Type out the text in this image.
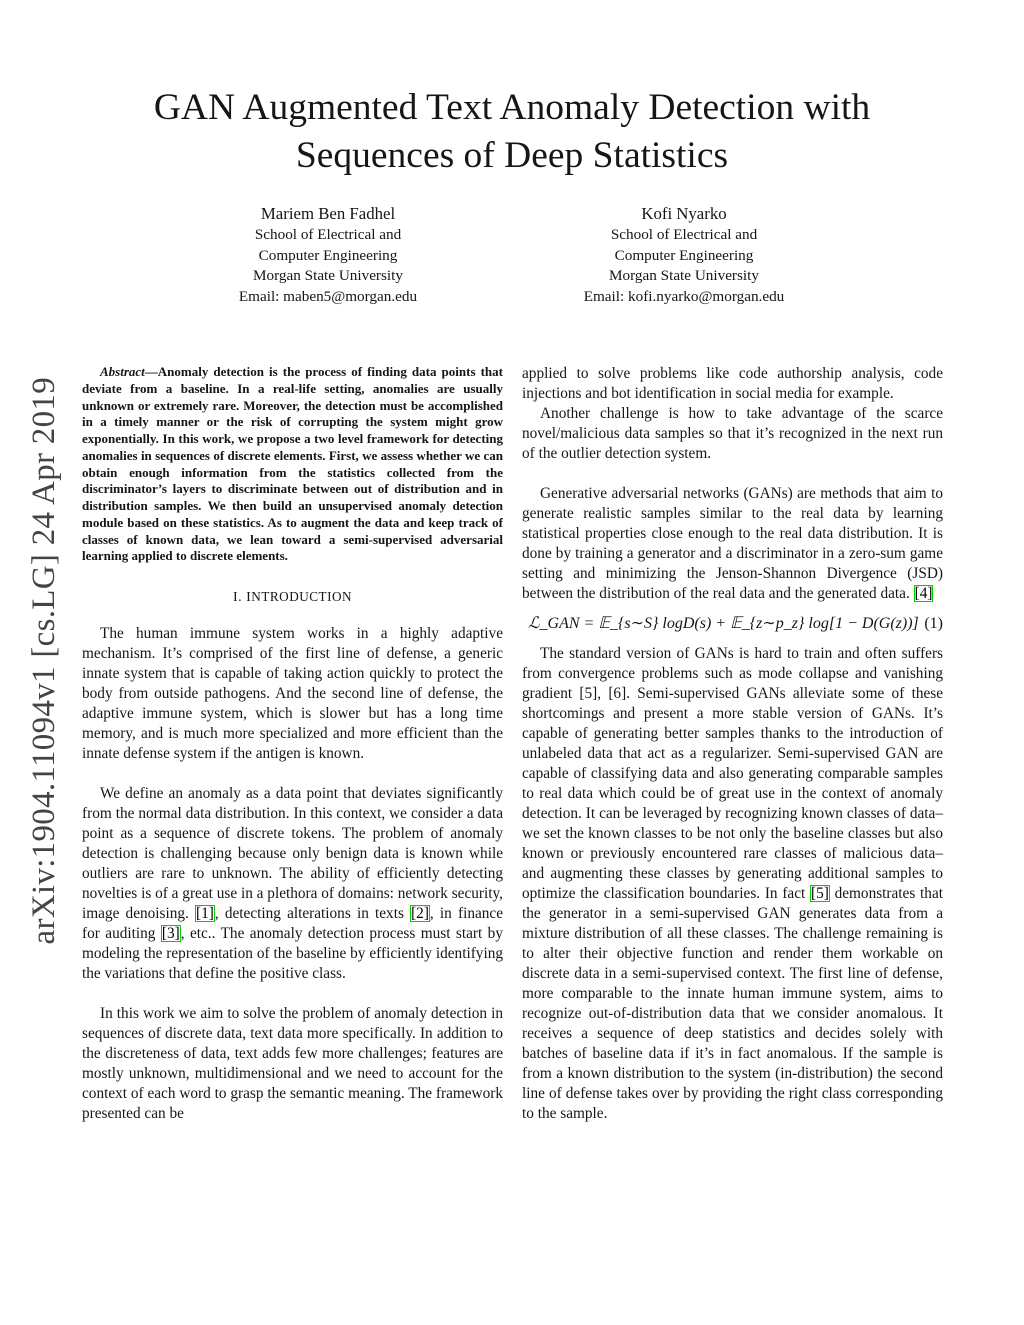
arXiv:1904.11094v1 [cs.LG] 24 Apr 2019
GAN Augmented Text Anomaly Detection with Sequences of Deep Statistics
Mariem Ben Fadhel
School of Electrical and
Computer Engineering
Morgan State University
Email: maben5@morgan.edu
Kofi Nyarko
School of Electrical and
Computer Engineering
Morgan State University
Email: kofi.nyarko@morgan.edu

Abstract—Anomaly detection is the process of finding data points that deviate from a baseline. In a real-life setting, anomalies are usually unknown or extremely rare. Moreover, the detection must be accomplished in a timely manner or the risk of corrupting the system might grow exponentially. In this work, we propose a two level framework for detecting anomalies in sequences of discrete elements. First, we assess whether we can obtain enough information from the statistics collected from the discriminator’s layers to discriminate between out of distribution and in distribution samples. We then build an unsupervised anomaly detection module based on these statistics. As to augment the data and keep track of classes of known data, we lean toward a semi-supervised adversarial learning applied to discrete elements.

I. INTRODUCTION

The human immune system works in a highly adaptive mechanism. It’s comprised of the first line of defense, a generic innate system that is capable of taking action quickly to protect the body from outside pathogens. And the second line of defense, the adaptive immune system, which is slower but has a long time memory, and is much more specialized and more efficient than the innate defense system if the antigen is known.

We define an anomaly as a data point that deviates significantly from the normal data distribution. In this context, we consider a data point as a sequence of discrete tokens. The problem of anomaly detection is challenging because only benign data is known while outliers are rare to unknown. The ability of efficiently detecting novelties is of a great use in a plethora of domains: network security, image denoising. [1], detecting alterations in texts [2], in finance for auditing [3], etc.. The anomaly detection process must start by modeling the representation of the baseline by efficiently identifying the variations that define the positive class.

In this work we aim to solve the problem of anomaly detection in sequences of discrete data, text data more specifically. In addition to the discreteness of data, text adds few more challenges; features are mostly unknown, multidimensional and we need to account for the context of each word to grasp the semantic meaning. The framework presented can be

applied to solve problems like code authorship analysis, code injections and bot identification in social media for example.

Another challenge is how to take advantage of the scarce novel/malicious data samples so that it’s recognized in the next run of the outlier detection system.

Generative adversarial networks (GANs) are methods that aim to generate realistic samples similar to the real data by learning statistical properties close enough to the real data distribution. It is done by training a generator and a discriminator in a zero-sum game setting and minimizing the Jenson-Shannon Divergence (JSD) between the distribution of the real data and the generated data. [4]

ℒ_GAN = 𝔼_{s∼S} logD(s) + 𝔼_{z∼p_z} log[1 − D(G(z))] (1)

The standard version of GANs is hard to train and often suffers from convergence problems such as mode collapse and vanishing gradient [5], [6]. Semi-supervised GANs alleviate some of these shortcomings and present a more stable version of GANs. It’s capable of generating better samples thanks to the introduction of unlabeled data that act as a regularizer. Semi-supervised GAN are capable of classifying data and also generating comparable samples to real data which could be of great use in the context of anomaly detection. It can be leveraged by recognizing known classes of data– we set the known classes to be not only the baseline classes but also known or previously encountered rare classes of malicious data– and augmenting these classes by generating additional samples to optimize the classification boundaries. In fact [5] demonstrates that the generator in a semi-supervised GAN generates data from a mixture distribution of all these classes. The challenge remaining is to alter their objective function and render them workable on discrete data in a semi-supervised context. The first line of defense, more comparable to the innate human immune system, aims to recognize out-of-distribution data that we consider anomalous. It receives a sequence of deep statistics and decides solely with batches of baseline data if it’s in fact anomalous. If the sample is from a known distribution to the system (in-distribution) the second line of defense takes over by providing the right class corresponding to the sample.
